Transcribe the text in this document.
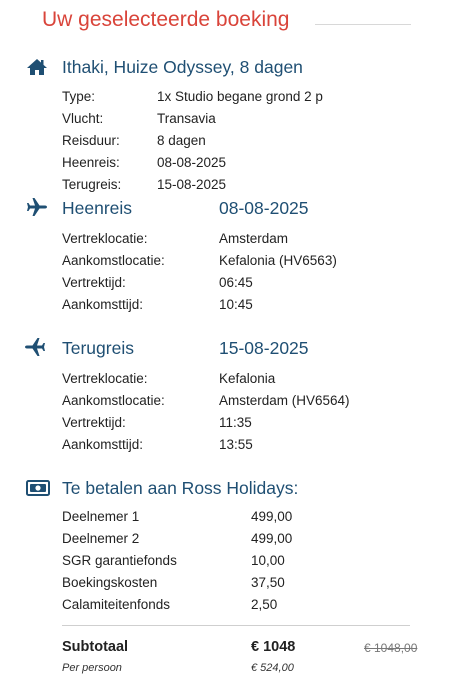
Uw geselecteerde boeking
Ithaki, Huize Odyssey, 8 dagen
Type:	1x Studio begane grond 2 p
Vlucht:	Transavia
Reisduur:	8 dagen
Heenreis:	08-08-2025
Terugreis:	15-08-2025
Heenreis	08-08-2025
Vertreklocatie:	Amsterdam
Aankomstlocatie:	Kefalonia (HV6563)
Vertrektijd:	06:45
Aankomsttijd:	10:45
Terugreis	15-08-2025
Vertreklocatie:	Kefalonia
Aankomstlocatie:	Amsterdam (HV6564)
Vertrektijd:	11:35
Aankomsttijd:	13:55
Te betalen aan Ross Holidays:
Deelnemer 1	499,00
Deelnemer 2	499,00
SGR garantiefonds	10,00
Boekingskosten	37,50
Calamiteitenfonds	2,50
Subtotaal	€ 1048	€ 1048,00
Per persoon	€ 524,00
